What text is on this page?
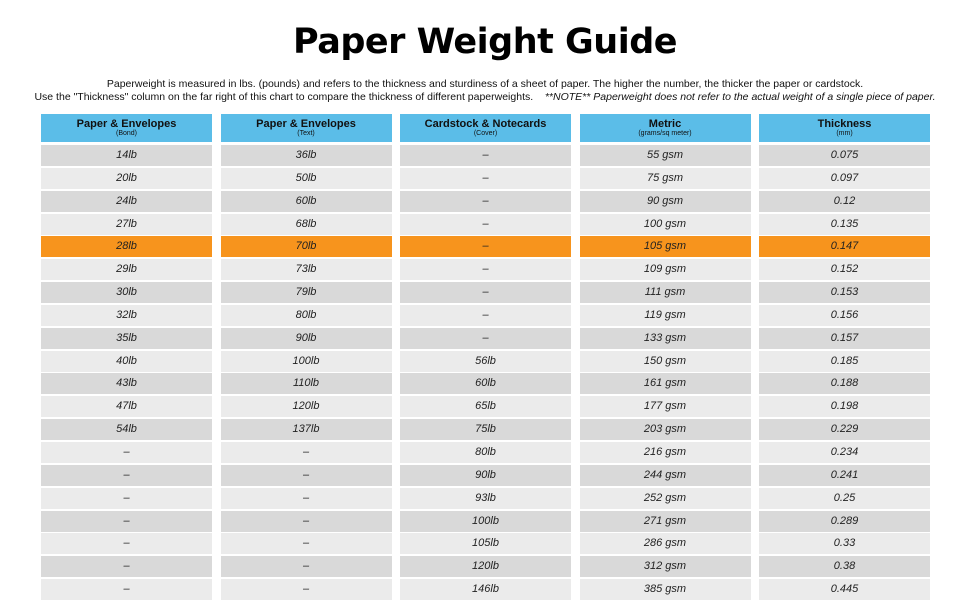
Paper Weight Guide
Paperweight is measured in lbs. (pounds) and refers to the thickness and sturdiness of a sheet of paper. The higher the number, the thicker the paper or cardstock.
Use the "Thickness" column on the far right of this chart to compare the thickness of different paperweights. **NOTE** Paperweight does not refer to the actual weight of a single piece of paper.
Paper & Envelopes
(Bond)
14lb
20lb
24lb
27lb
28lb
29lb
30lb
32lb
35lb
40lb
43lb
47lb
54lb
–
–
–
–
–
–
–
Paper & Envelopes
(Text)
36lb
50lb
60lb
68lb
70lb
73lb
79lb
80lb
90lb
100lb
110lb
120lb
137lb
–
–
–
–
–
–
–
Cardstock & Notecards
(Cover)
–
–
–
–
–
–
–
–
–
56lb
60lb
65lb
75lb
80lb
90lb
93lb
100lb
105lb
120lb
146lb
Metric
(grams/sq meter)
55 gsm
75 gsm
90 gsm
100 gsm
105 gsm
109 gsm
111 gsm
119 gsm
133 gsm
150 gsm
161 gsm
177 gsm
203 gsm
216 gsm
244 gsm
252 gsm
271 gsm
286 gsm
312 gsm
385 gsm
Thickness
(mm)
0.075
0.097
0.12
0.135
0.147
0.152
0.153
0.156
0.157
0.185
0.188
0.198
0.229
0.234
0.241
0.25
0.289
0.33
0.38
0.445
